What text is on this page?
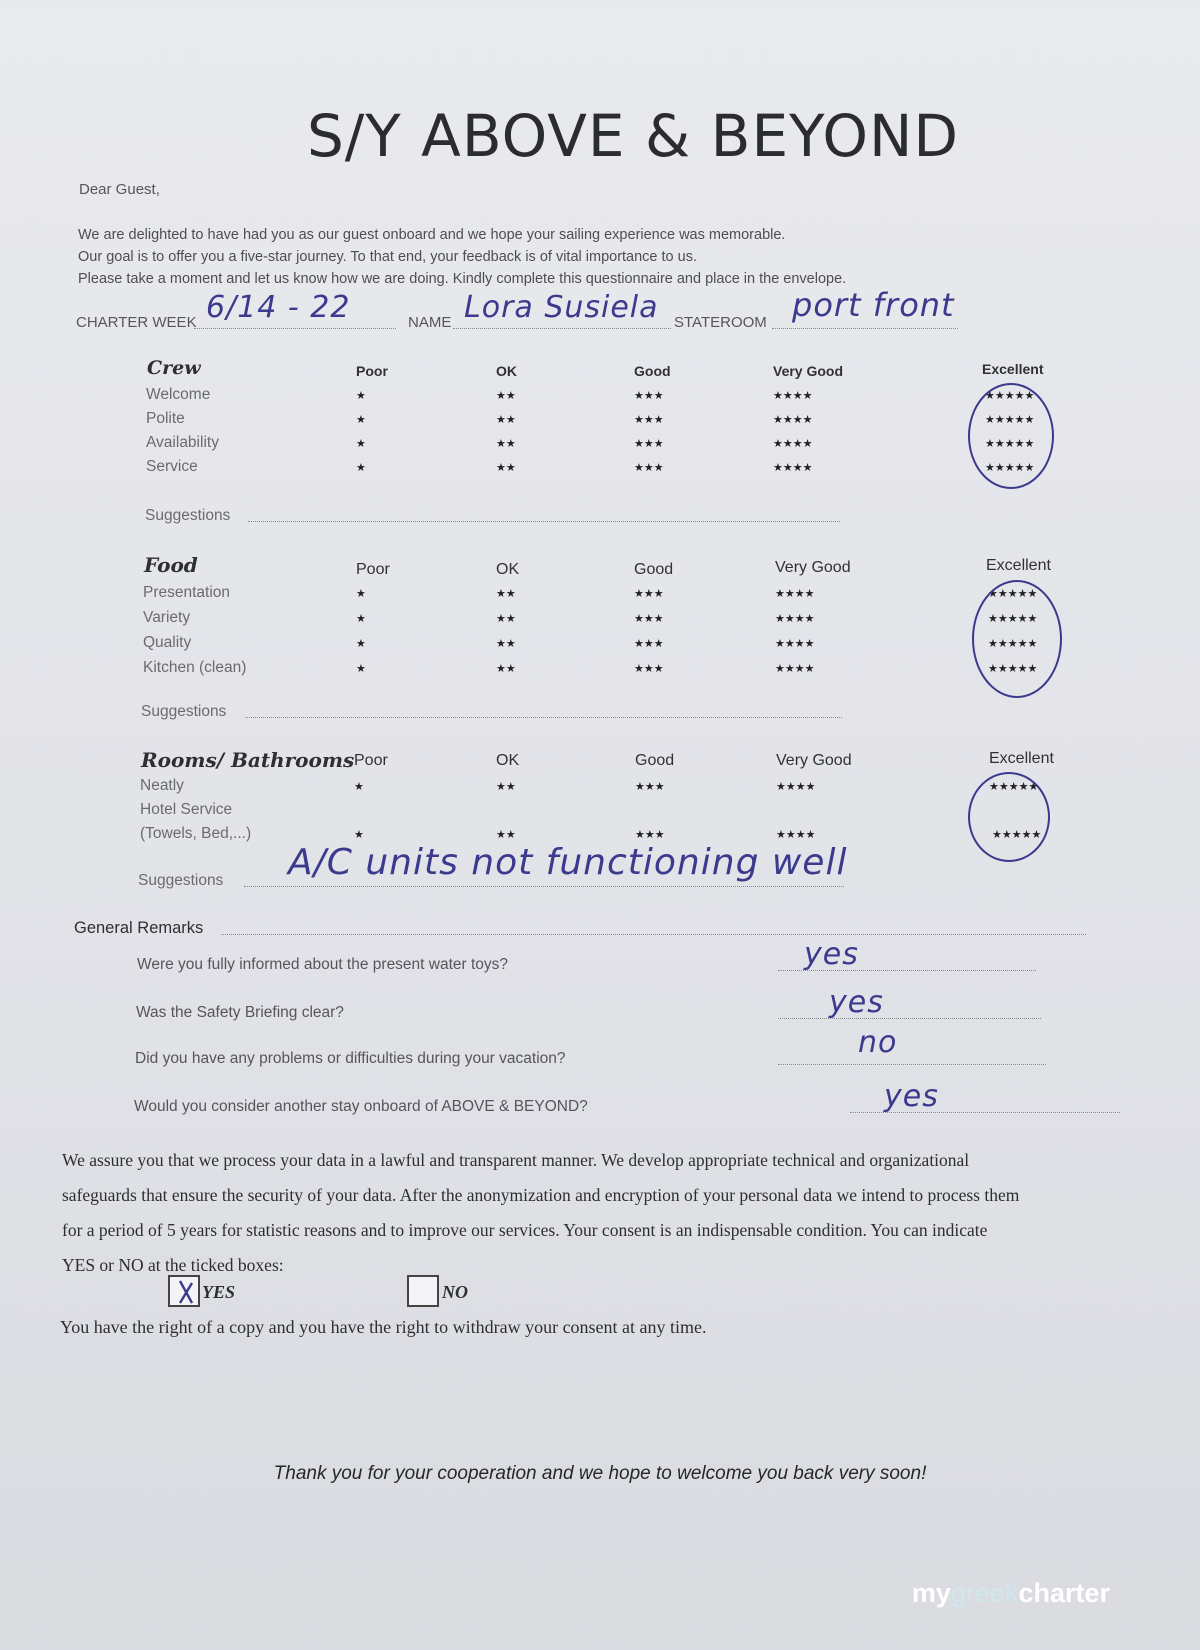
S/Y ABOVE & BEYOND
Dear Guest,
We are delighted to have had you as our guest onboard and we hope your sailing experience was memorable.
Our goal is to offer you a five-star journey. To that end, your feedback is of vital importance to us.
Please take a moment and let us know how we are doing. Kindly complete this questionnaire and place in the envelope.
CHARTER WEEK 6/14 - 22	NAME Lora Susiela STATEROOM port front
Crew	Poor	OK	Good	Very Good	Excellent
Welcome	★	★★	★★★	★★★★	★★★★★
Polite	★	★★	★★★	★★★★	★★★★★
Availability	★	★★	★★★	★★★★	★★★★★
Service	★	★★	★★★	★★★★	★★★★★
Suggestions
Food	Poor	OK	Good	Very Good	Excellent
Presentation	★	★★	★★★	★★★★	★★★★★
Variety	★	★★	★★★	★★★★	★★★★★
Quality	★	★★	★★★	★★★★	★★★★★
Kitchen (clean)	★	★★	★★★	★★★★	★★★★★
Suggestions
Rooms/ Bathrooms Poor	OK	Good	Very Good	Excellent
Neatly	★	★★	★★★	★★★★	★★★★★
Hotel Service
(Towels, Bed,...)	★	★★	★★★	★★★★	★★★★★
Suggestions A/C units not functioning well
General Remarks
Were you fully informed about the present water toys?	yes
Was the Safety Briefing clear?	yes
Did you have any problems or difficulties during your vacation?	no
Would you consider another stay onboard of ABOVE & BEYOND?	yes
We assure you that we process your data in a lawful and transparent manner. We develop appropriate technical and organizational
safeguards that ensure the security of your data. After the anonymization and encryption of your personal data we intend to process them
for a period of 5 years for statistic reasons and to improve our services. Your consent is an indispensable condition. You can indicate
YES or NO at the ticked boxes:
YES	NO
You have the right of a copy and you have the right to withdraw your consent at any time.
Thank you for your cooperation and we hope to welcome you back very soon!
mygreekcharter
